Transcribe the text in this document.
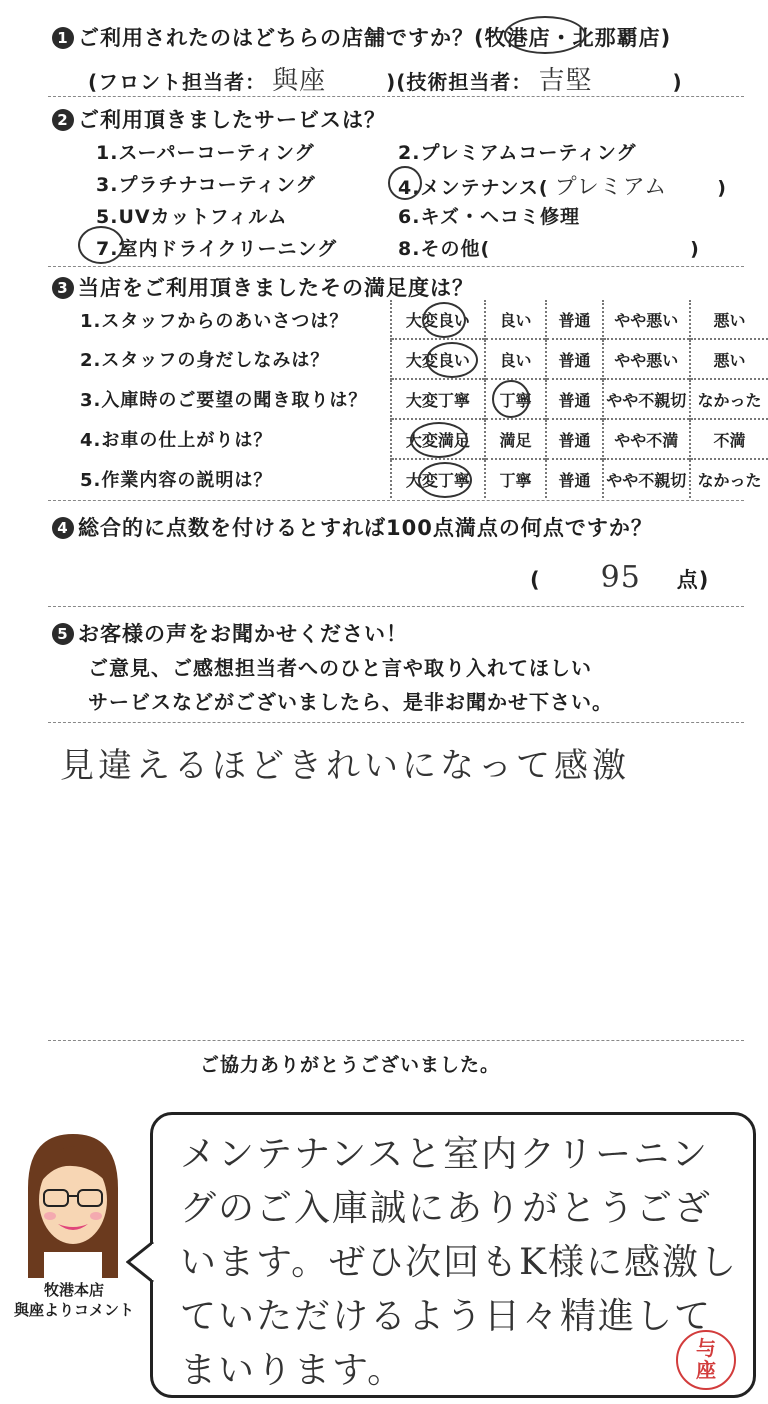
1 ご利用されたのはどちらの店舗ですか？(牧港店・北那覇店)
(フロント担当者： 與座	)(技術担当者： 吉堅	)
2 ご利用頂きましたサービスは？
1.スーパーコーティング	2.プレミアムコーティング
3.プラチナコーティング	4.メンテナンス( プレミアム	)
5.UVカットフィルム	6.キズ・ヘコミ修理
7.室内ドライクリーニング	8.その他(	)
3 当店をご利用頂きましたその満足度は？
1.スタッフからのあいさつは？	大変良い	良い	普通	やや悪い	悪い
2.スタッフの身だしなみは？	大変良い	良い	普通	やや悪い	悪い
3.入庫時のご要望の聞き取りは？	大変丁寧	丁寧	普通	やや不親切	なかった
4.お車の仕上がりは？	大変満足	満足	普通	やや不満	不満
5.作業内容の説明は？	大変丁寧	丁寧	普通	やや不親切	なかった
4 総合的に点数を付けるとすれば100点満点の何点ですか？
( 95 点)
5 お客様の声をお聞かせください！
ご意見、ご感想担当者へのひと言や取り入れてほしい
サービスなどがございましたら、是非お聞かせ下さい。
見違えるほどきれいになって感激
ご協力ありがとうございました。
牧港本店
與座よりコメント
メンテナンスと室内クリーニングのご入庫誠にありがとうございます。ぜひ次回もK様に感激していただけるよう日々精進してまいります。
与
座
